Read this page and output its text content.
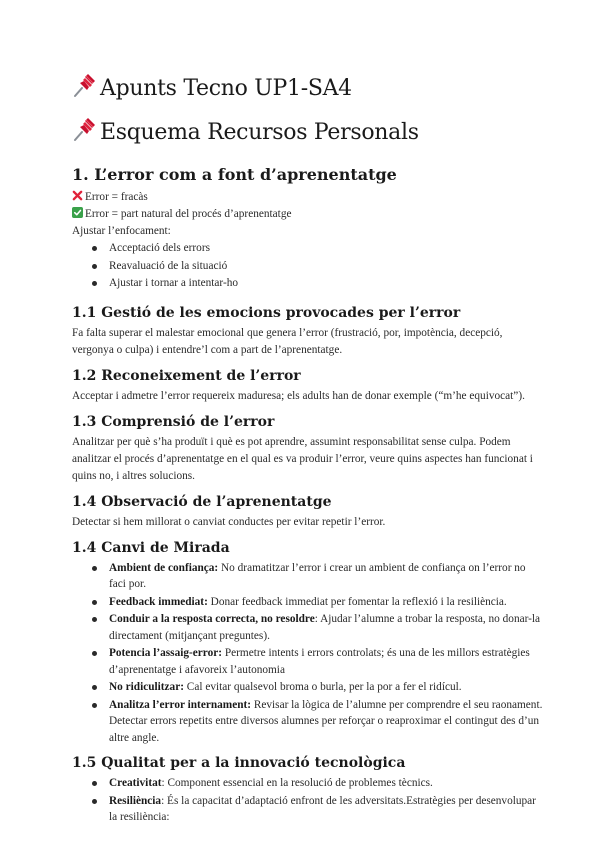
Apunts Tecno UP1-SA4
Esquema Recursos Personals
1. L’error com a font d’aprenentatge

Error = fracàs

Error = part natural del procés d’aprenentatge

Ajustar l’enfocament:

Acceptació dels errors
Reavaluació de la situació
Ajustar i tornar a intentar-ho
1.1 Gestió de les emocions provocades per l’error

Fa falta superar el malestar emocional que genera l’error (frustració, por, impotència, decepció, vergonya o culpa) i entendre’l com a part de l’aprenentatge.

1.2 Reconeixement de l’error

Acceptar i admetre l’error requereix maduresa; els adults han de donar exemple (“m’he equivocat”).

1.3 Comprensió de l’error

Analitzar per què s’ha produït i què es pot aprendre, assumint responsabilitat sense culpa. Podem analitzar el procés d’aprenentatge en el qual es va produir l’error, veure quins aspectes han funcionat i quins no, i altres solucions.

1.4 Observació de l’aprenentatge

Detectar si hem millorat o canviat conductes per evitar repetir l’error.

1.4 Canvi de Mirada
Ambient de confiança: No dramatitzar l’error i crear un ambient de confiança on l’error no faci por.
Feedback immediat: Donar feedback immediat per fomentar la reflexió i la resiliència.
Conduir a la resposta correcta, no resoldre: Ajudar l’alumne a trobar la resposta, no donar-la directament (mitjançant preguntes).
Potencia l’assaig-error: Permetre intents i errors controlats; és una de les millors estratègies d’aprenentatge i afavoreix l’autonomia
No ridiculitzar: Cal evitar qualsevol broma o burla, per la por a fer el ridícul.
Analitza l’error internament: Revisar la lògica de l’alumne per comprendre el seu raonament. Detectar errors repetits entre diversos alumnes per reforçar o reaproximar el contingut des d’un altre angle.
1.5 Qualitat per a la innovació tecnològica
Creativitat: Component essencial en la resolució de problemes tècnics.
Resiliència: És la capacitat d’adaptació enfront de les adversitats.Estratègies per desenvolupar la resiliència:
